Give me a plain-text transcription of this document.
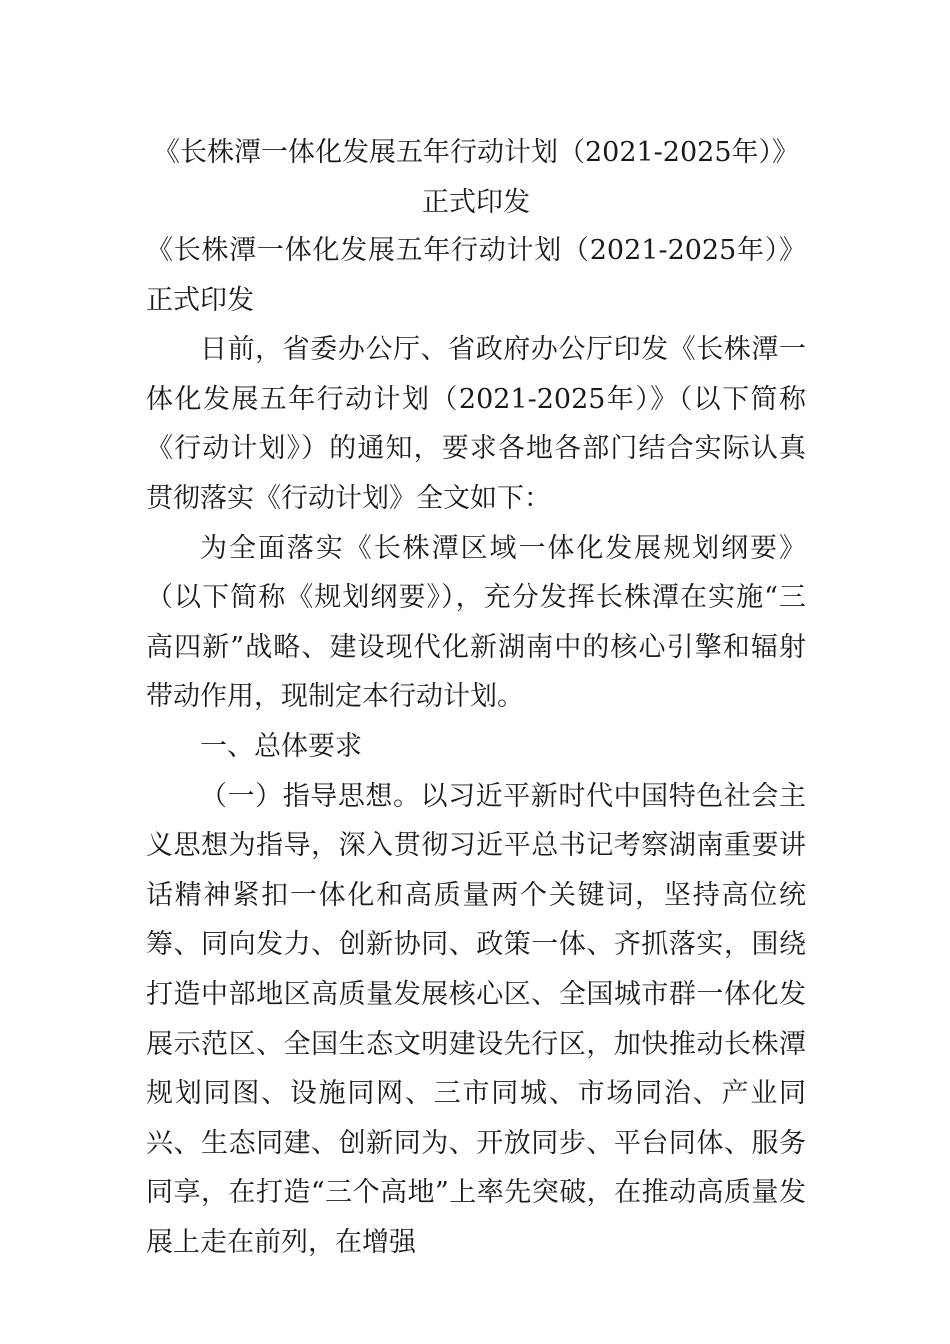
《长株潭一体化发展五年行动计划（2021-2025年）》正式印发

《长株潭一体化发展五年行动计划（2021-2025年）》正式印发

日前，省委办公厅、省政府办公厅印发《长株潭一体化发展五年行动计划（2021-2025年）》（以下简称《行动计划》）的通知，要求各地各部门结合实际认真贯彻落实《行动计划》全文如下：

为全面落实《长株潭区域一体化发展规划纲要》（以下简称《规划纲要》），充分发挥长株潭在实施“三高四新”战略、建设现代化新湖南中的核心引擎和辐射带动作用，现制定本行动计划。

一、总体要求

（一）指导思想。以习近平新时代中国特色社会主义思想为指导，深入贯彻习近平总书记考察湖南重要讲话精神紧扣一体化和高质量两个关键词，坚持高位统筹、同向发力、创新协同、政策一体、齐抓落实，围绕打造中部地区高质量发展核心区、全国城市群一体化发展示范区、全国生态文明建设先行区，加快推动长株潭规划同图、设施同网、三市同城、市场同治、产业同兴、生态同建、创新同为、开放同步、平台同体、服务同享，在打造“三个高地”上率先突破，在推动高质量发展上走在前列，在增强
